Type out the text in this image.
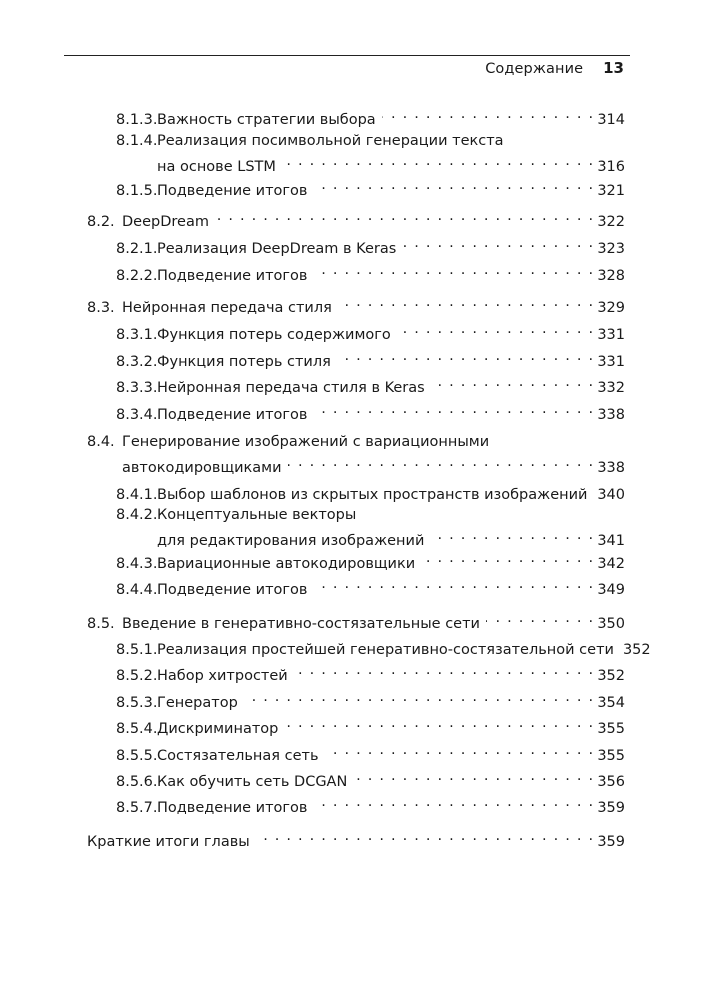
Содержание 13
8.1.3. Важность стратегии выбора . . .	314
8.1.4.Реализация посимвольной генерации текста
на основе LSTM . . .	316
8.1.5. Подведение итогов . . .	321
8.2. DeepDream . . .	322
8.2.1. Реализация DeepDream в Keras . . .	323
8.2.2. Подведение итогов . . .	328
8.3. Нейронная передача стиля . . .	329
8.3.1. Функция потерь содержимого . . .	331
8.3.2. Функция потерь стиля . . .	331
8.3.3. Нейронная передача стиля в Keras . . .	332
8.3.4. Подведение итогов . . .	338
8.4. Генерирование изображений с вариационными
автокодировщиками . . .	338
8.4.1. Выбор шаблонов из скрытых пространств изображений . . . 340
8.4.2.Концептуальные векторы
для редактирования изображений . . .	341
8.4.3. Вариационные автокодировщики . . .	342
8.4.4. Подведение итогов . . .	349
8.5. Введение в генеративно-состязательные сети . . .	350
8.5.1. Реализация простейшей генеративно-состязательной сети 352
8.5.2. Набор хитростей . . .	352
8.5.3. Генератор . . .	354
8.5.4. Дискриминатор . . .	355
8.5.5. Состязательная сеть . . .	355
8.5.6. Как обучить сеть DCGAN . . .	356
8.5.7. Подведение итогов . . .	359
Краткие итоги главы . . .	359
